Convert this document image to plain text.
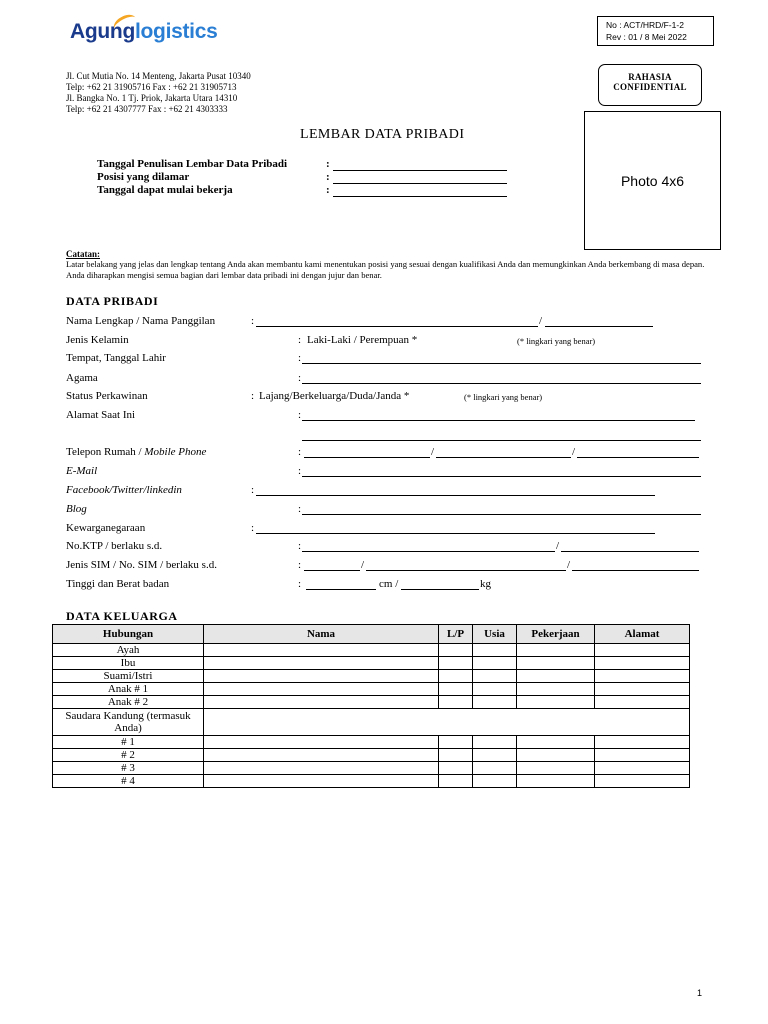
Agunglogistics	No : ACT/HRD/F-1-2
Rev : 01 / 8 Mei 2022
RAHASIA
CONFIDENTIAL
Photo 4x6
Jl. Cut Mutia No. 14 Menteng, Jakarta Pusat 10340
Telp: +62 21 31905716 Fax : +62 21 31905713
Jl. Bangka No. 1 Tj. Priok, Jakarta Utara 14310
Telp: +62 21 4307777 Fax : +62 21 4303333
LEMBAR DATA PRIBADI
Tanggal Penulisan Lembar Data Pribadi	:
Posisi yang dilamar	:
Tanggal dapat mulai bekerja	:
Catatan:
Latar belakang yang jelas dan lengkap tentang Anda akan membantu kami menentukan posisi yang sesuai dengan kualifikasi Anda dan memungkinkan Anda berkembang di masa depan. Anda diharapkan mengisi semua bagian dari lembar data pribadi ini dengan jujur dan benar.
DATA PRIBADI
Nama Lengkap / Nama Panggilan	:	/
Jenis Kelamin	: Laki-Laki / Perempuan *	(* lingkari yang benar)
Tempat, Tanggal Lahir	:
Agama	:
Status Perkawinan	: Lajang/Berkeluarga/Duda/Janda *	(* lingkari yang benar)
Alamat Saat Ini	:
Telepon Rumah / Mobile Phone	:	/	/
E-Mail	:
Facebook/Twitter/linkedin	:
Blog	:
Kewarganegaraan	:
No.KTP / berlaku s.d.	:	/
Jenis SIM / No. SIM / berlaku s.d.	:	/	/
Tinggi dan Berat badan	:	cm /	kg
DATA KELUARGA
Hubungan	Nama	L/P	Usia	Pekerjaan	Alamat
Ayah					
Ibu					
Suami/Istri					
Anak # 1					
Anak # 2					
Saudara Kandung (termasuk Anda)					
# 1					
# 2					
# 3					
# 4					
1
